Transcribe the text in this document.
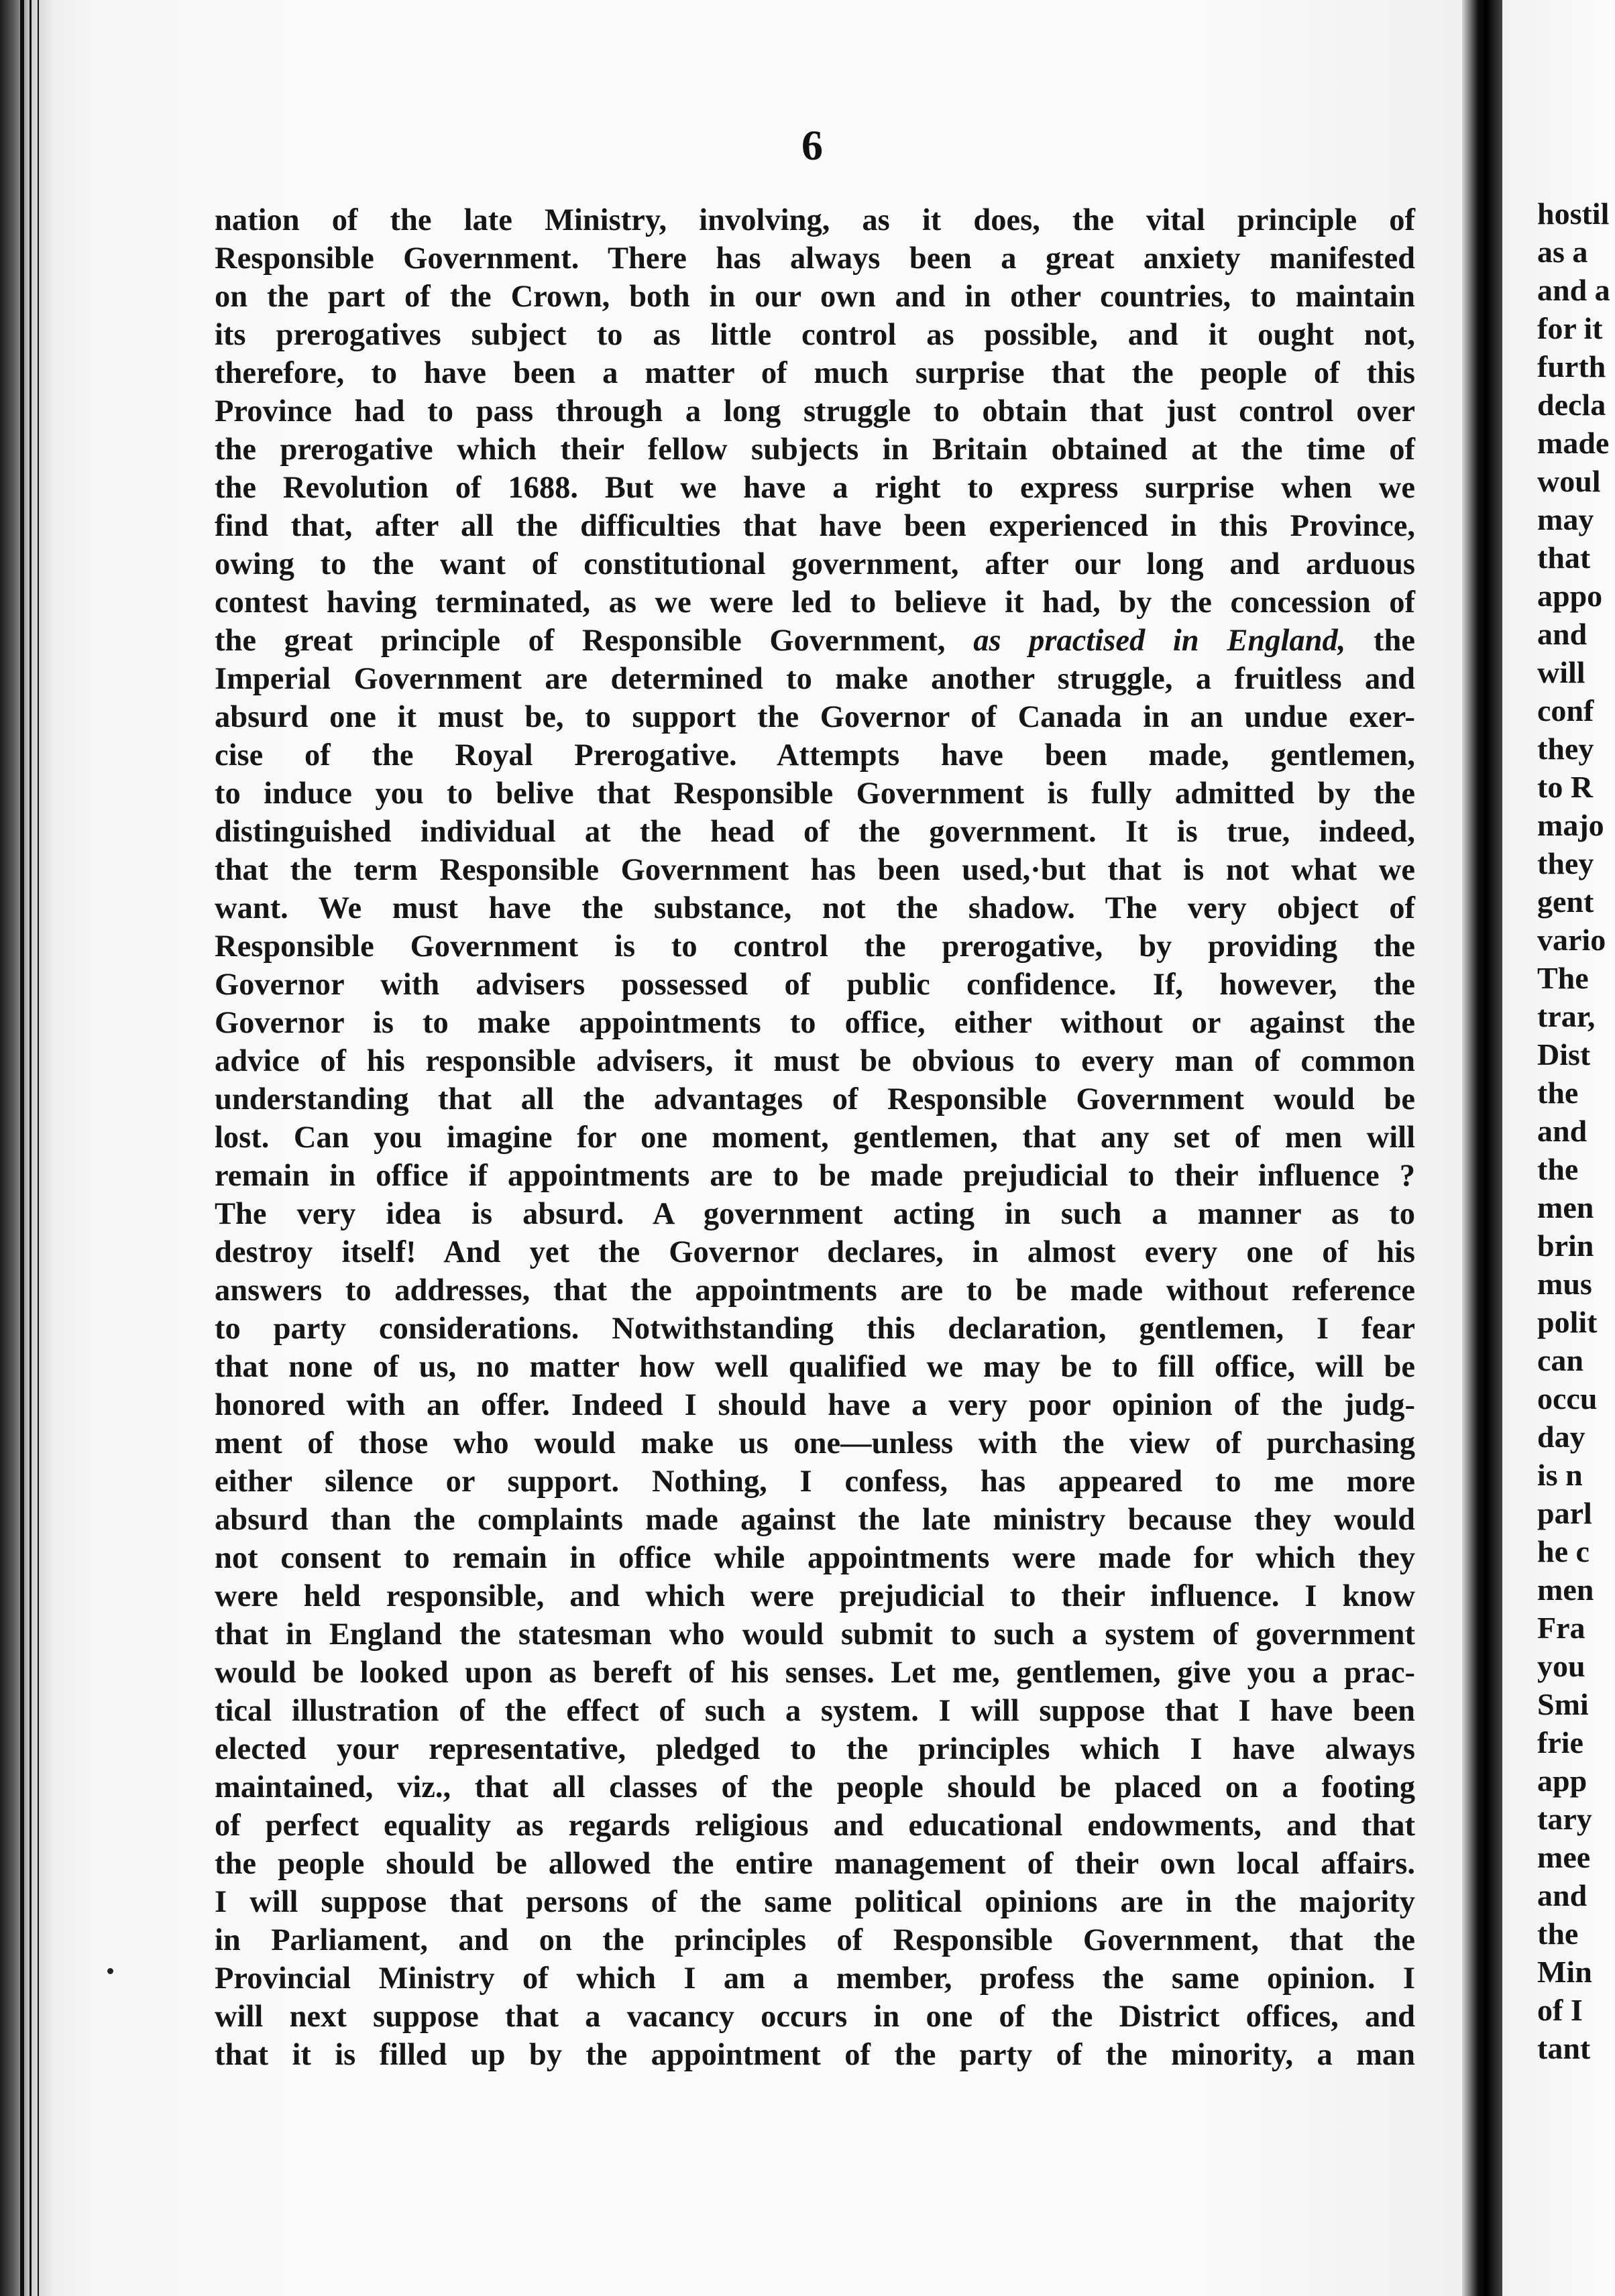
6
nation of the late Ministry, involving, as it does, the vital principle of
Responsible Government. There has always been a great anxiety manifested
on the part of the Crown, both in our own and in other countries, to maintain
its prerogatives subject to as little control as possible, and it ought not,
therefore, to have been a matter of much surprise that the people of this
Province had to pass through a long struggle to obtain that just control over
the prerogative which their fellow subjects in Britain obtained at the time of
the Revolution of 1688. But we have a right to express surprise when we
find that, after all the difficulties that have been experienced in this Province,
owing to the want of constitutional government, after our long and arduous
contest having terminated, as we were led to believe it had, by the concession of
the great principle of Responsible Government, as practised in England, the
Imperial Government are determined to make another struggle, a fruitless and
absurd one it must be, to support the Governor of Canada in an undue exer-
cise of the Royal Prerogative. Attempts have been made, gentlemen,
to induce you to belive that Responsible Government is fully admitted by the
distinguished individual at the head of the government. It is true, indeed,
that the term Responsible Government has been used,·but that is not what we
want. We must have the substance, not the shadow. The very object of
Responsible Government is to control the prerogative, by providing the
Governor with advisers possessed of public confidence. If, however, the
Governor is to make appointments to office, either without or against the
advice of his responsible advisers, it must be obvious to every man of common
understanding that all the advantages of Responsible Government would be
lost. Can you imagine for one moment, gentlemen, that any set of men will
remain in office if appointments are to be made prejudicial to their influence ?
The very idea is absurd. A government acting in such a manner as to
destroy itself! And yet the Governor declares, in almost every one of his
answers to addresses, that the appointments are to be made without reference
to party considerations. Notwithstanding this declaration, gentlemen, I fear
that none of us, no matter how well qualified we may be to fill office, will be
honored with an offer. Indeed I should have a very poor opinion of the judg-
ment of those who would make us one—unless with the view of purchasing
either silence or support. Nothing, I confess, has appeared to me more
absurd than the complaints made against the late ministry because they would
not consent to remain in office while appointments were made for which they
were held responsible, and which were prejudicial to their influence. I know
that in England the statesman who would submit to such a system of government
would be looked upon as bereft of his senses. Let me, gentlemen, give you a prac-
tical illustration of the effect of such a system. I will suppose that I have been
elected your representative, pledged to the principles which I have always
maintained, viz., that all classes of the people should be placed on a footing
of perfect equality as regards religious and educational endowments, and that
the people should be allowed the entire management of their own local affairs.
I will suppose that persons of the same political opinions are in the majority
in Parliament, and on the principles of Responsible Government, that the
Provincial Ministry of which I am a member, profess the same opinion. I
will next suppose that a vacancy occurs in one of the District offices, and
that it is filled up by the appointment of the party of the minority, a man
hostil
as a
and a
for it
furth
decla
made
woul
may
that
appo
and
will
conf
they
to R
majo
they
gent
vario
The
trar,
Dist
the
and
the
men
brin
mus
polit
can
occu
day
is n
parl
he c
men
Fra
you
Smi
frie
app
tary
mee
and
the
Min
of I
tant
